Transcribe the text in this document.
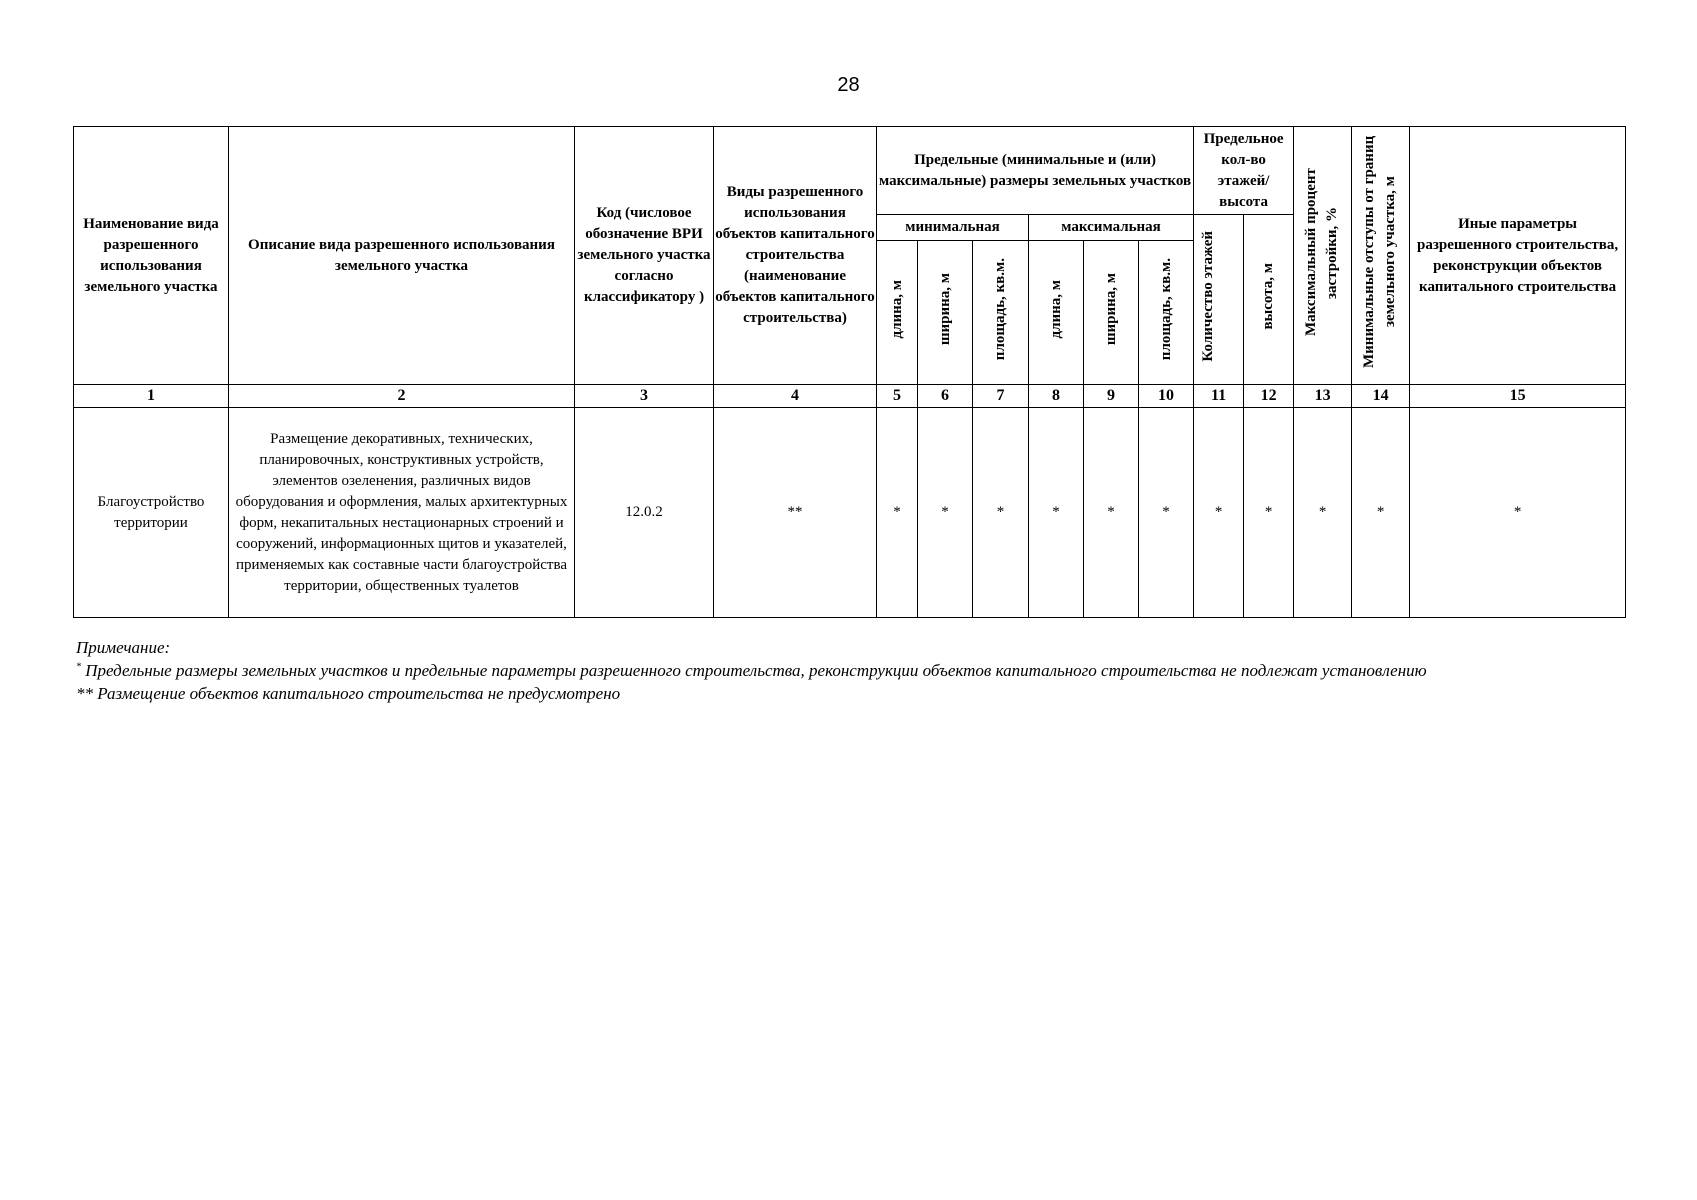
28
Наименование вида разрешенного использования земельного участка	Описание вида разрешенного использования земельного участка	Код (числовое обозначение ВРИ земельного участка согласно классификатору )	Виды разрешенного использования объектов капитального строительства (наименование объектов капитального строительства)	Предельные (минимальные и (или) максимальные) размеры земельных участков						Предельное кол-во этажей/ высота		Максимальный процент застройки, %	Минимальные отступы от границ земельного участка, м	Иные параметры разрешенного строительства, реконструкции объектов капитального строительства
				минимальная			максимальная			Количество этажей	высота, м			
				длина, м	ширина, м	площадь, кв.м.	длина, м	ширина, м	площадь, кв.м.					
1	2	3	4	5	6	7	8	9	10	11	12	13	14	15
Благоустройство территории	Размещение декоративных, технических, планировочных, конструктивных устройств, элементов озеленения, различных видов оборудования и оформления, малых архитектурных форм, некапитальных нестационарных строений и сооружений, информационных щитов и указателей, применяемых как составные части благоустройства территории, общественных туалетов	12.0.2	**	*	*	*	*	*	*	*	*	*	*	*

Примечание:

* Предельные размеры земельных участков и предельные параметры разрешенного строительства, реконструкции объектов капитального строительства не подлежат установлению

** Размещение объектов капитального строительства не предусмотрено
